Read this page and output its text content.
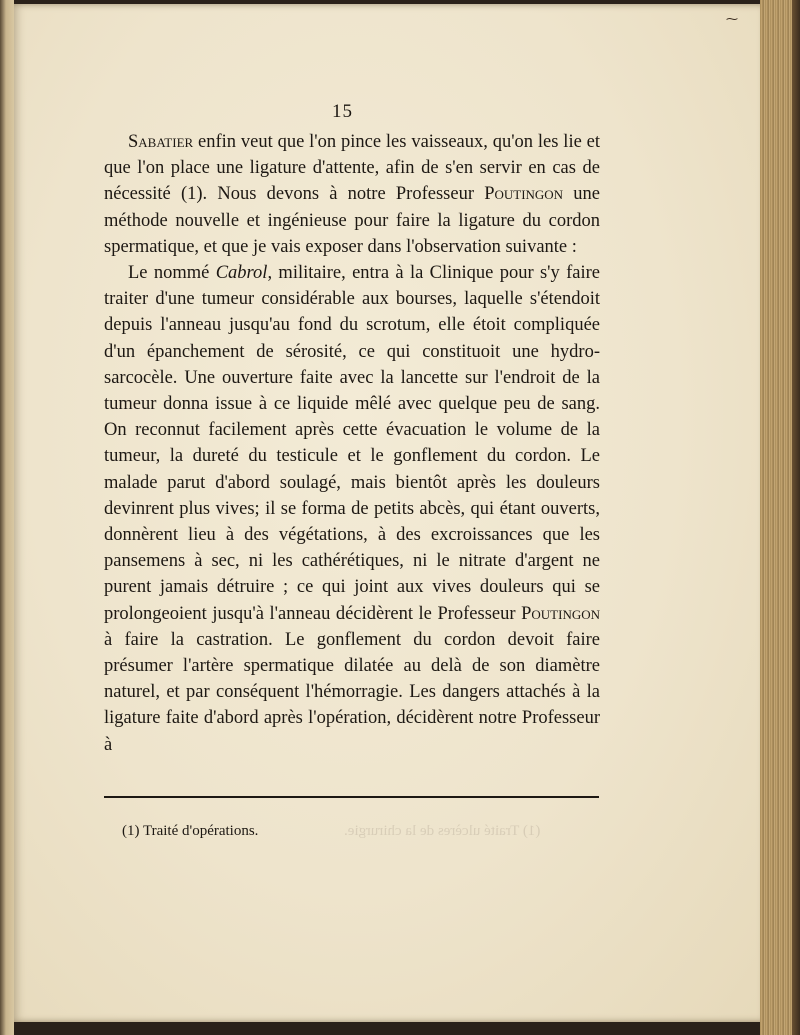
⁓

15

Sabatier enfin veut que l'on pince les vaisseaux, qu'on les lie et que l'on place une ligature d'attente, afin de s'en servir en cas de nécessité (1). Nous devons à notre Professeur Poutingon une méthode nouvelle et ingénieuse pour faire la ligature du cordon spermatique, et que je vais exposer dans l'observation suivante :

Le nommé Cabrol, militaire, entra à la Clinique pour s'y faire traiter d'une tumeur considérable aux bourses, laquelle s'étendoit depuis l'anneau jusqu'au fond du scrotum, elle étoit compliquée d'un épanchement de sérosité, ce qui constituoit une hydro-sarcocèle. Une ouverture faite avec la lancette sur l'endroit de la tumeur donna issue à ce liquide mêlé avec quelque peu de sang. On reconnut facilement après cette évacuation le volume de la tumeur, la dureté du testicule et le gonflement du cordon. Le malade parut d'abord soulagé, mais bientôt après les douleurs devinrent plus vives; il se forma de petits abcès, qui étant ouverts, donnèrent lieu à des végétations, à des excroissances que les pansemens à sec, ni les cathérétiques, ni le nitrate d'argent ne purent jamais détruire ; ce qui joint aux vives douleurs qui se prolongeoient jusqu'à l'anneau décidèrent le Professeur Poutingon à faire la castration. Le gonflement du cordon devoit faire présumer l'artère spermatique dilatée au delà de son diamètre naturel, et par conséquent l'hémorragie. Les dangers attachés à la ligature faite d'abord après l'opération, décidèrent notre Professeur à

(1) Traité d'opérations.	(1) Traité ulcères de la chirurgie.
